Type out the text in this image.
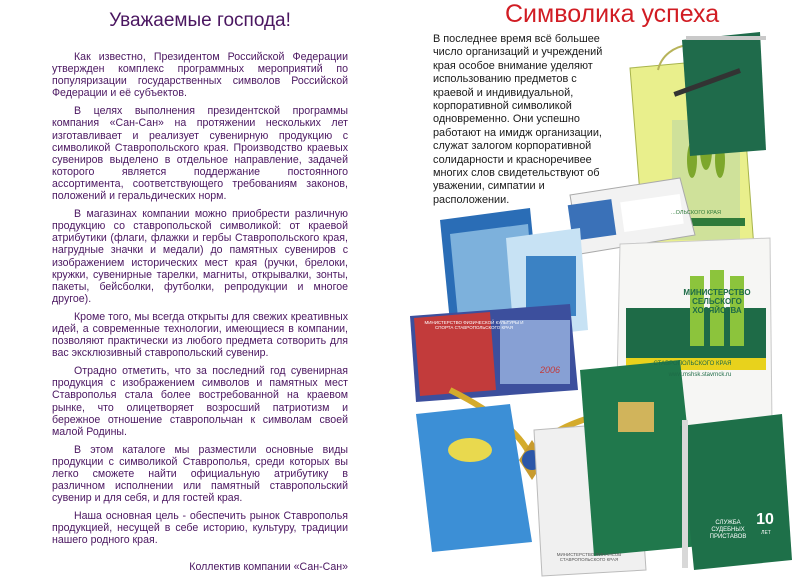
Уважаемые господа!

Как известно, Президентом Российской Федерации утвержден комплекс программных мероприятий по популяризации государственных символов Российской Федерации и её субъектов.

В целях выполнения президентской программы компания «Сан-Сан» на протяжении нескольких лет изготавливает и реализует сувенирную продукцию с символикой Ставропольского края. Производство краевых сувениров выделено в отдельное направление, задачей которого является поддержание постоянного ассортимента, соответствующего требованиям законов, положений и геральдических норм.

В магазинах компании можно приобрести различную продукцию со ставропольской символикой: от краевой атрибутики (флаги, флажки и гербы Ставропольского края, нагрудные значки и медали) до памятных сувениров с изображением исторических мест края (ручки, брелоки, кружки, сувенирные тарелки, магниты, открывалки, зонты, пакеты, бейсболки, футболки, репродукции и многое другое).

Кроме того, мы всегда открыты для свежих креативных идей, а современные технологии, имеющиеся в компании, позволяют практически из любого предмета сотворить для вас эксклюзивный ставропольский сувенир.

Отрадно отметить, что за последний год сувенирная продукция с изображением символов и памятных мест Ставрополья стала более востребованной на краевом рынке, что олицетворяет возросший патриотизм и бережное отношение ставропольчан к символам своей малой Родины.

В этом каталоге мы разместили основные виды продукции с символикой Ставрополья, среди которых вы легко сможете найти официальную атрибутику в различном исполнении или памятный ставропольский сувенир и для себя, и для гостей края.

Наша основная цель - обеспечить рынок Ставрополья продукцией, несущей в себе историю, культуру, традиции нашего родного края.

Коллектив компании «Сан-Сан»
Символика успеха
МИНИСТЕРСТВО СЕЛЬСКОГО ХОЗЯЙСТВА
СТАВРОПОЛЬСКОГО КРАЯ
www.mshsk.stavrnck.ru
...ОЛЬСКОГО КРАЯ
СЛУЖБА СУДЕБНЫХ ПРИСТАВОВ
10
ЛЕТ
2006
МИНИСТЕРСТВО ФИЗИЧЕСКОЙ КУЛЬТУРЫ И СПОРТА СТАВРОПОЛЬСКОГО КРАЯ
МИНИСТЕРСТВО ФИНАНСОВ СТАВРОПОЛЬСКОГО КРАЯ
В последнее время всё большее число организаций и учреждений края особое внимание уделяют использованию предметов с краевой и индивидуальной, корпоративной символикой одновременно. Они успешно работают на имидж организации, служат залогом корпоративной солидарности и красноречивее многих слов свидетельствуют об уважении, симпатии и расположении.
